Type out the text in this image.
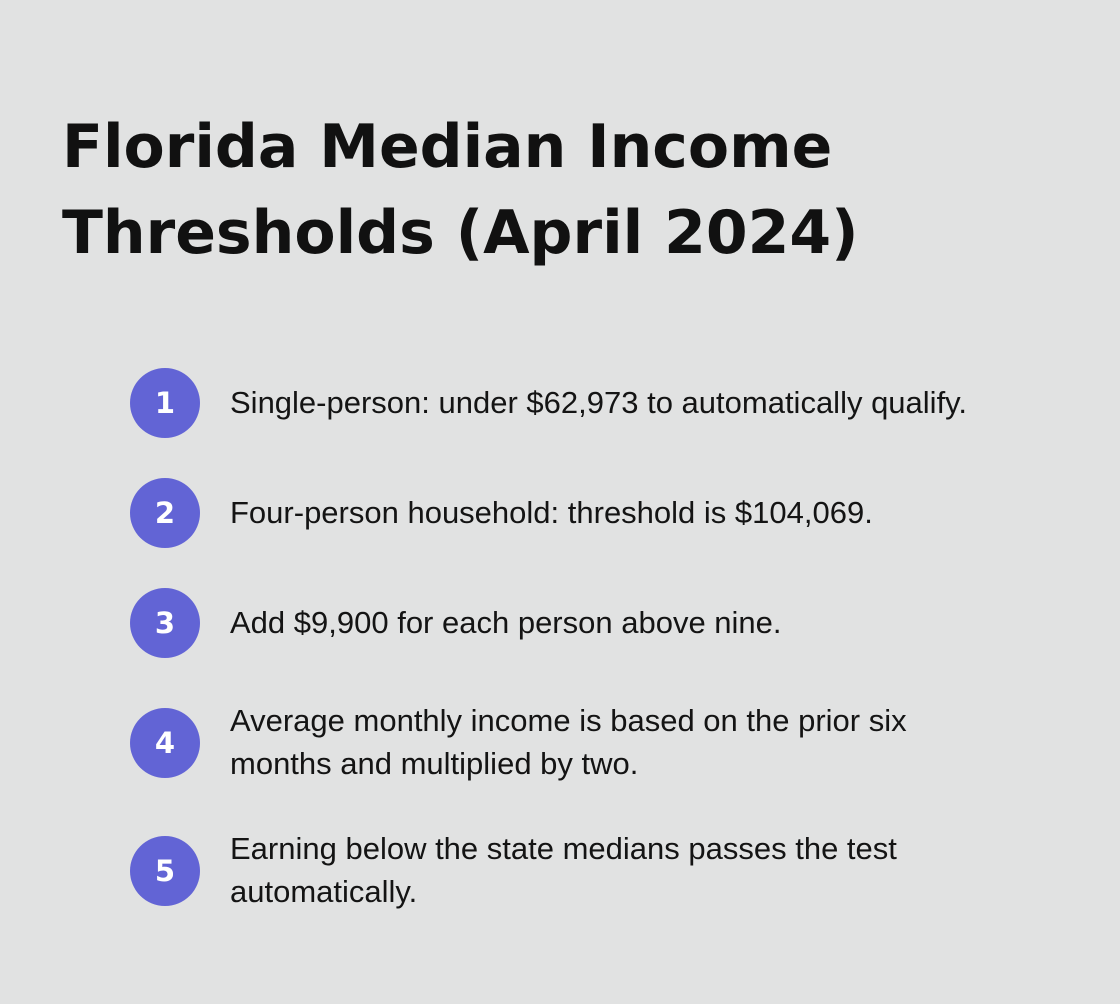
Florida Median Income
Thresholds (April 2024)
1	Single-person: under $62,973 to automatically qualify.
2	Four-person household: threshold is $104,069.
3	Add $9,900 for each person above nine.
4
Average monthly income is based on the prior six
months and multiplied by two.
5
Earning below the state medians passes the test
automatically.
